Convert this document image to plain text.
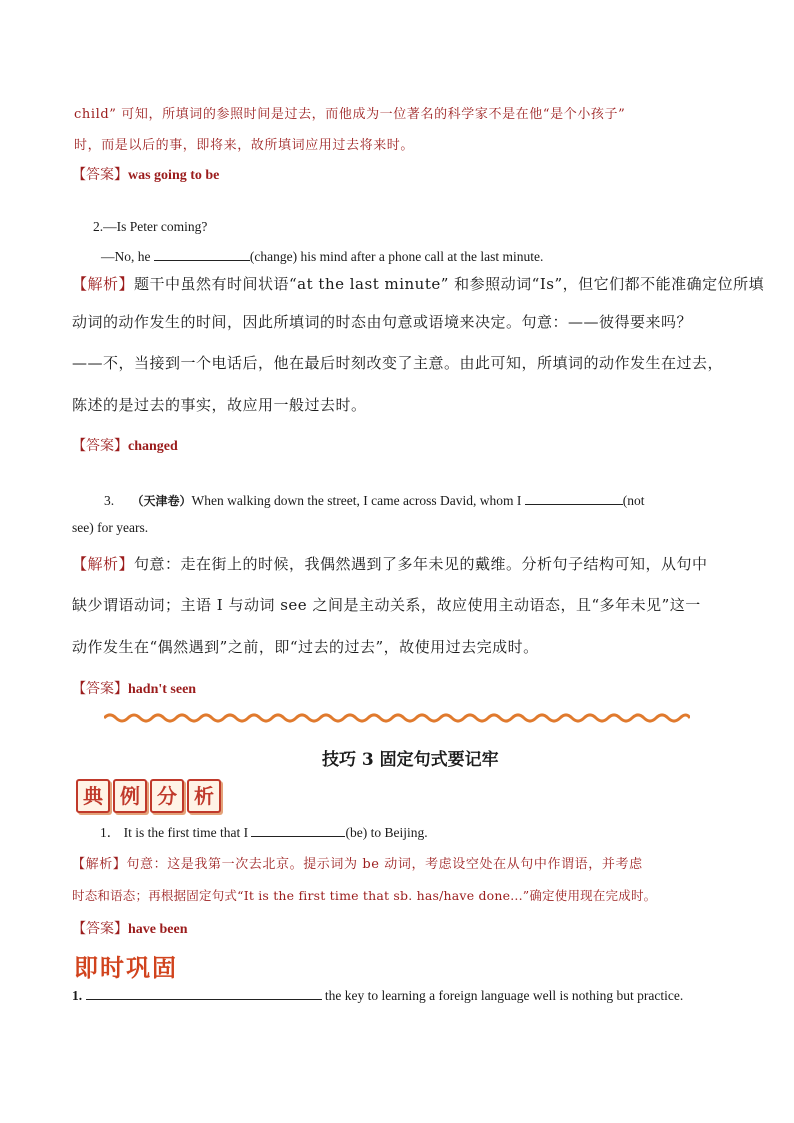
child” 可知，所填词的参照时间是过去，而他成为一位著名的科学家不是在他“是个小孩子”
时，而是以后的事，即将来，故所填词应用过去将来时。
【答案】was going to be
2.—Is Peter coming?
—No, he	(change) his mind after a phone call at the last minute.
【解析】题干中虽然有时间状语“at the last minute” 和参照动词“Is”，但它们都不能准确定位所填
动词的动作发生的时间，因此所填词的时态由句意或语境来决定。句意：——彼得要来吗？
——不，当接到一个电话后，他在最后时刻改变了主意。由此可知，所填词的动作发生在过去，
陈述的是过去的事实，故应用一般过去时。
【答案】changed
3. （天津卷）When walking down the street, I came across David, whom I	(not
see) for years.
【解析】句意：走在街上的时候，我偶然遇到了多年未见的戴维。分析句子结构可知，从句中
缺少谓语动词；主语 I 与动词 see 之间是主动关系，故应使用主动语态，且“多年未见”这一
动作发生在“偶然遇到”之前，即“过去的过去”，故使用过去完成时。
【答案】hadn't seen
技巧 3 固定句式要记牢
典 例 分 析
1． It is the first time that I	(be) to Beijing.
【解析】句意：这是我第一次去北京。提示词为 be 动词，考虑设空处在从句中作谓语，并考虑
时态和语态；再根据固定句式“It is the first time that sb. has/have done...”确定使用现在完成时。
【答案】have been
即时巩固
1.	the key to learning a foreign language well is nothing but practice.
